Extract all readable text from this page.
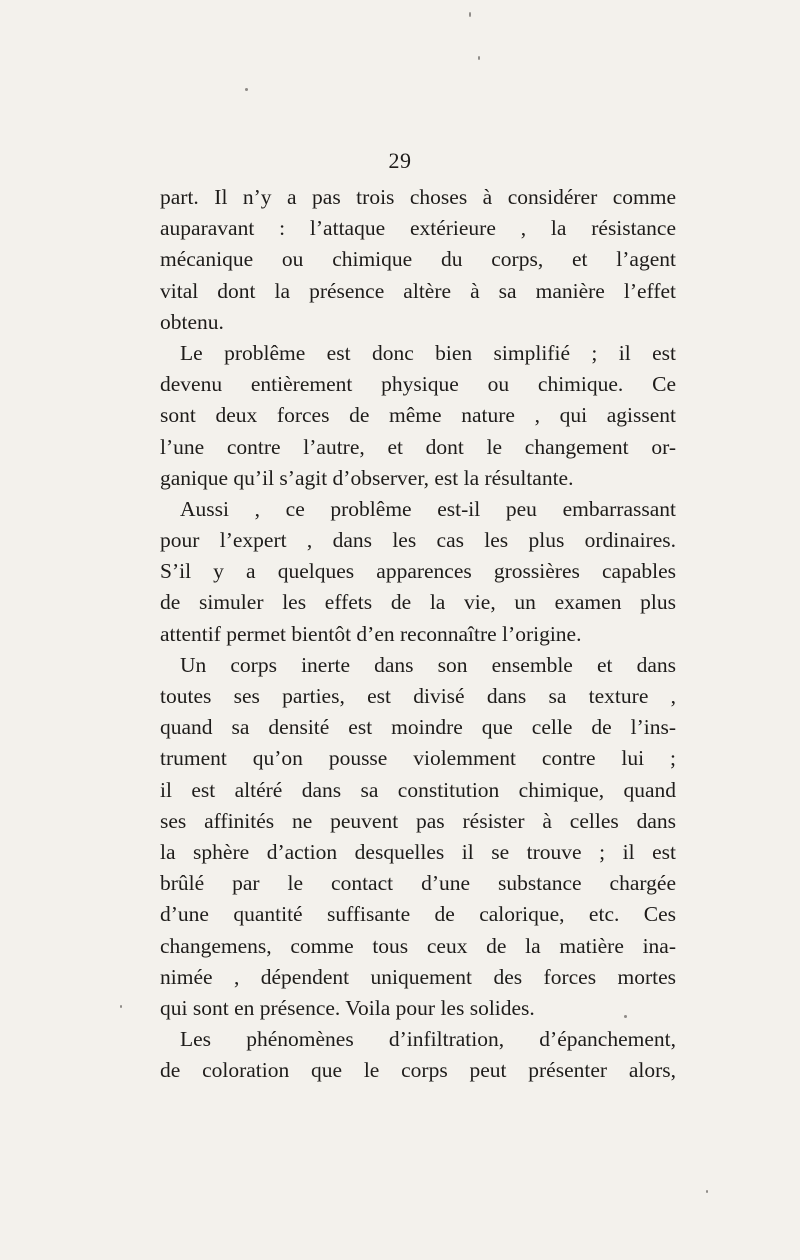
29
part. Il n’y a pas trois choses à considérer comme
auparavant : l’attaque extérieure , la résistance
mécanique ou chimique du corps, et l’agent
vital dont la présence altère à sa manière l’effet
obtenu.
Le problême est donc bien simplifié ; il est
devenu entièrement physique ou chimique. Ce
sont deux forces de même nature , qui agissent
l’une contre l’autre, et dont le changement or-
ganique qu’il s’agit d’observer, est la résultante.
Aussi , ce problême est-il peu embarrassant
pour l’expert , dans les cas les plus ordinaires.
S’il y a quelques apparences grossières capables
de simuler les effets de la vie, un examen plus
attentif permet bientôt d’en reconnaître l’origine.
Un corps inerte dans son ensemble et dans
toutes ses parties, est divisé dans sa texture ,
quand sa densité est moindre que celle de l’ins-
trument qu’on pousse violemment contre lui ;
il est altéré dans sa constitution chimique, quand
ses affinités ne peuvent pas résister à celles dans
la sphère d’action desquelles il se trouve ; il est
brûlé par le contact d’une substance chargée
d’une quantité suffisante de calorique, etc. Ces
changemens, comme tous ceux de la matière ina-
nimée , dépendent uniquement des forces mortes
qui sont en présence. Voila pour les solides.
Les phénomènes d’infiltration, d’épanchement,
de coloration que le corps peut présenter alors,
